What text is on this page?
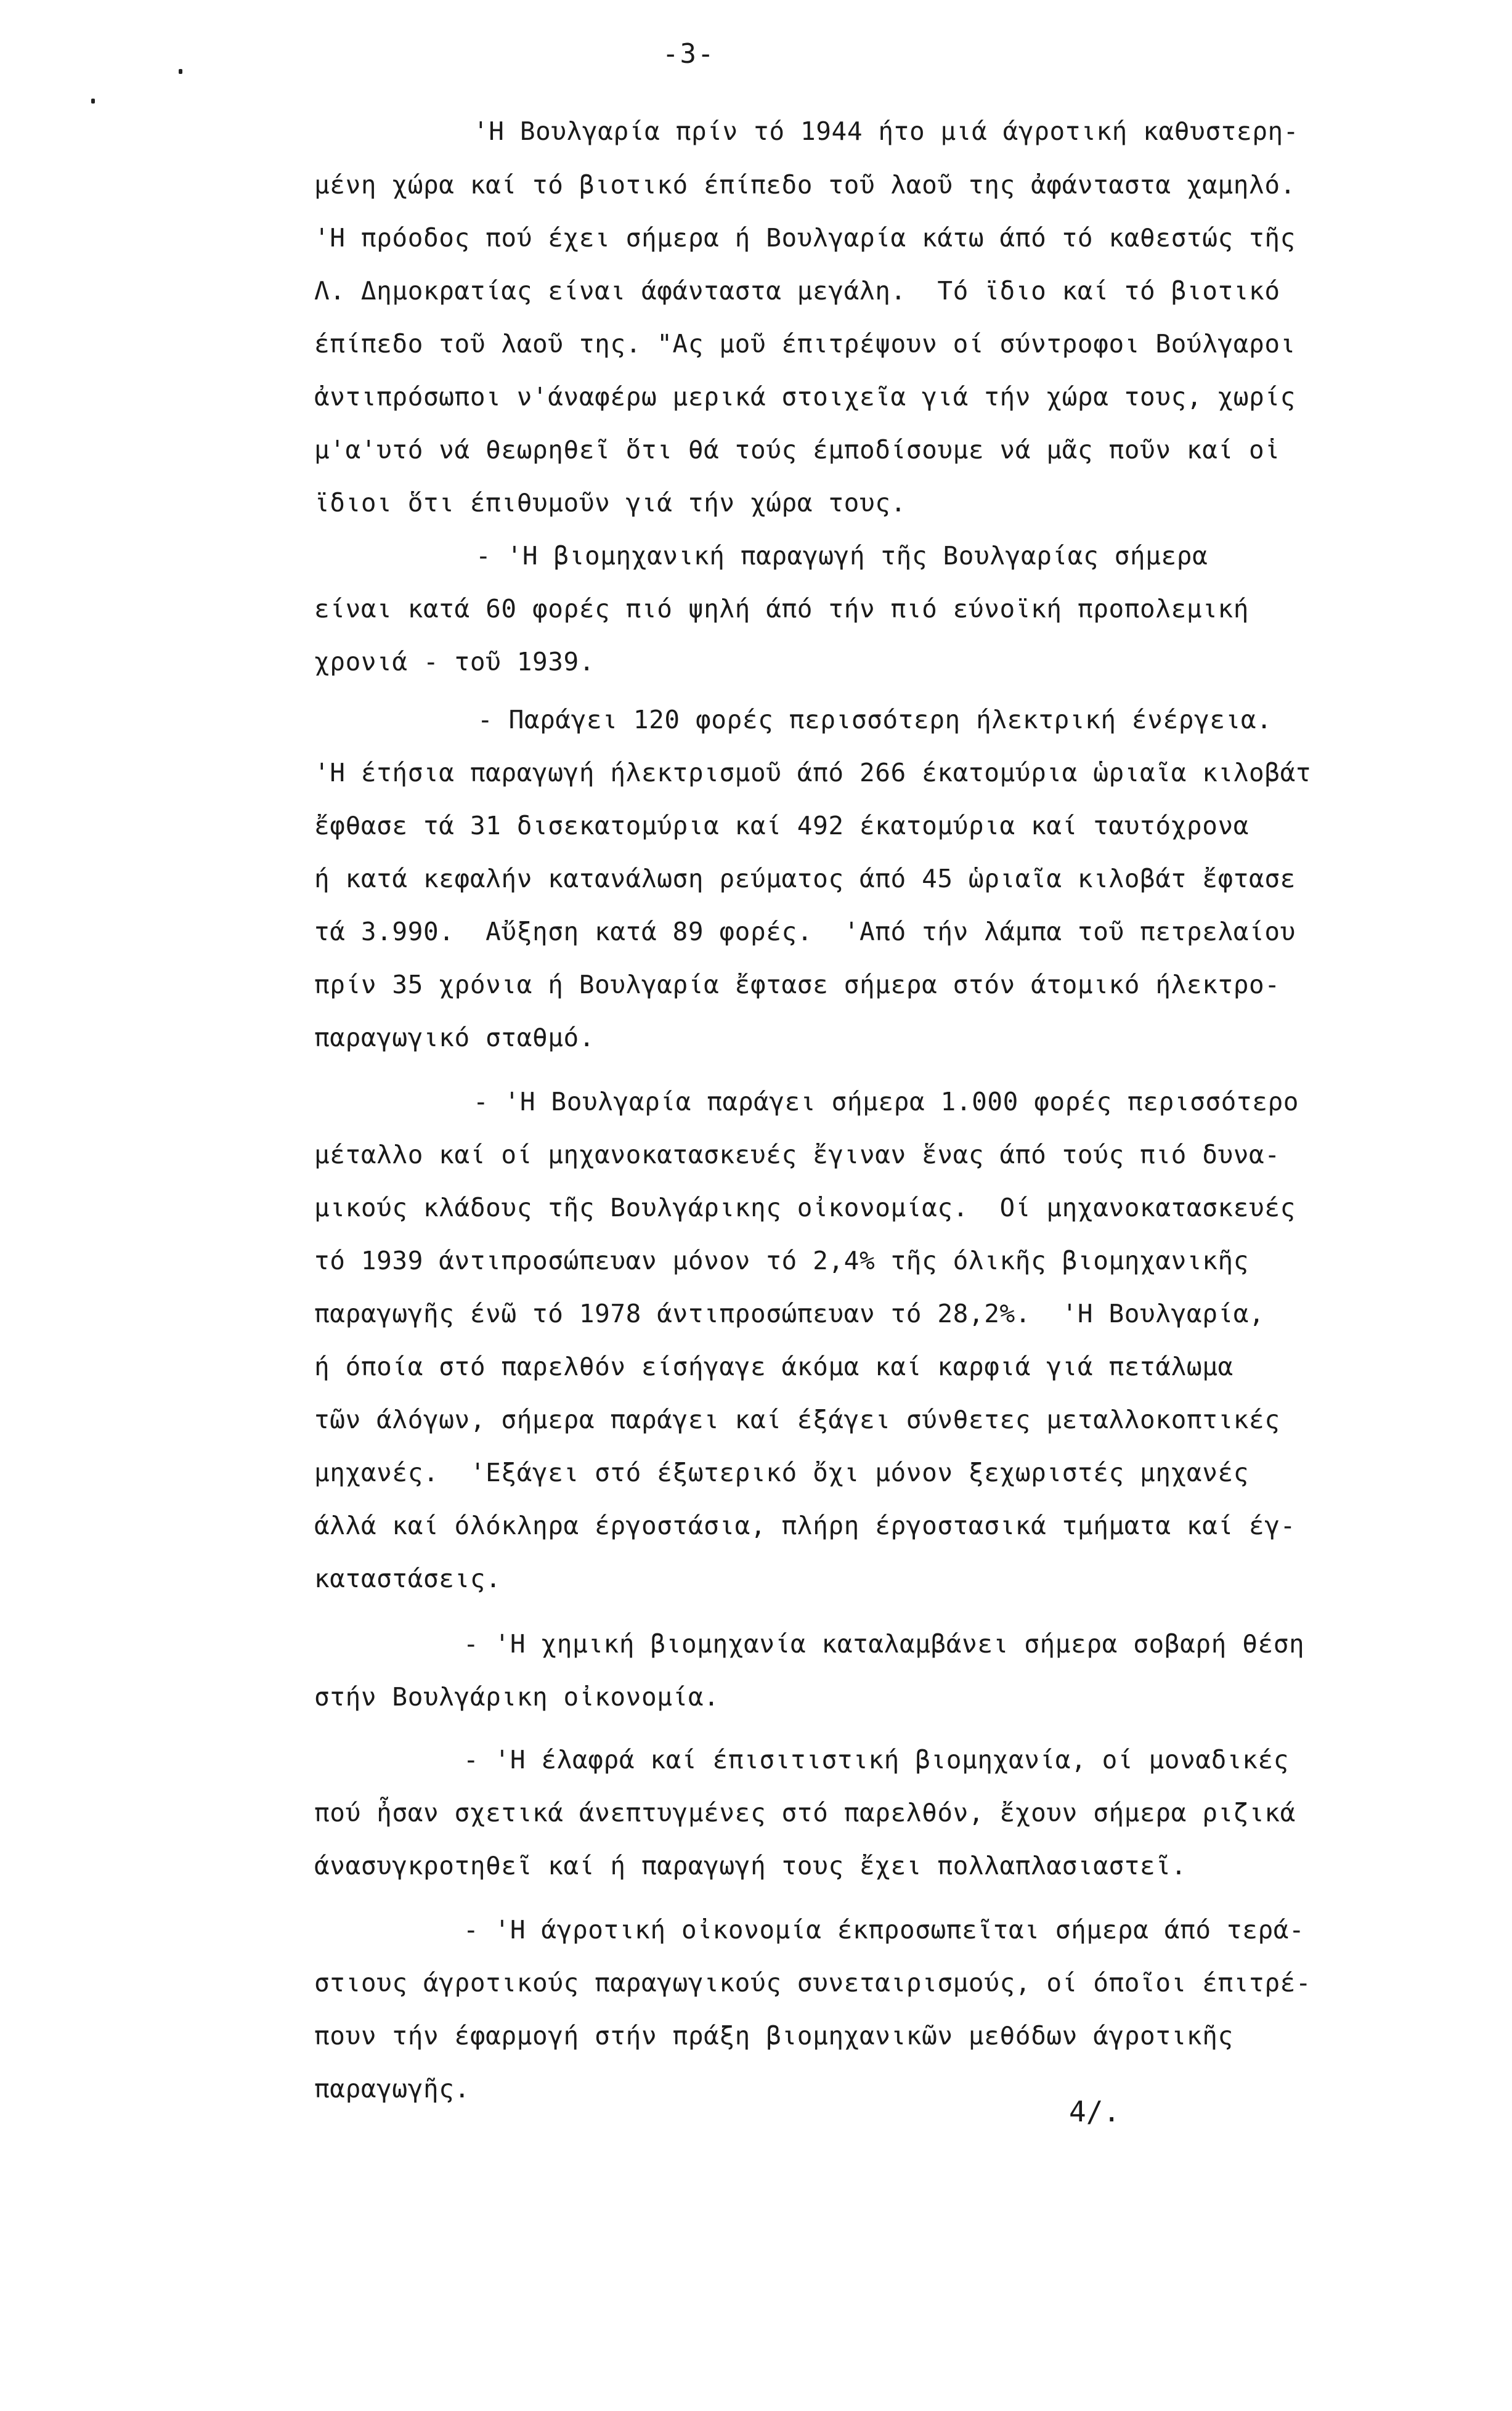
-3-
'Η Βουλγαρία πρίν τό 1944 ήτο μιά άγροτική καθυστερη-
μένη χώρα καί τό βιοτικό έπίπεδο τοῦ λαοῦ της ἀφάνταστα χαμηλό.
'Η πρόοδος πού έχει σήμερα ή Βουλγαρία κάτω άπό τό καθεστώς τῆς
Λ. Δημοκρατίας είναι άφάνταστα μεγάλη.  Τό ϊδιο καί τό βιοτικό
έπίπεδο τοῦ λαοῦ της. "Ας μοῦ έπιτρέψουν οί σύντροφοι Βούλγαροι
ἀντιπρόσωποι ν'άναφέρω μερικά στοιχεῖα γιά τήν χώρα τους, χωρίς
μ'α'υτό νά θεωρηθεῖ ὅτι θά τούς έμποδίσουμε νά μᾶς ποῦν καί οἱ
ϊδιοι ὅτι έπιθυμοῦν γιά τήν χώρα τους.
- 'Η βιομηχανική παραγωγή τῆς Βουλγαρίας σήμερα
είναι κατά 60 φορές πιό ψηλή άπό τήν πιό εύνοϊκή προπολεμική
χρονιά - τοῦ 1939.
- Παράγει 120 φορές περισσότερη ήλεκτρική ένέργεια.
'Η έτήσια παραγωγή ήλεκτρισμοῦ άπό 266 έκατομύρια ὡριαῖα κιλοβάτ
ἔφθασε τά 31 δισεκατομύρια καί 492 έκατομύρια καί ταυτόχρονα
ή κατά κεφαλήν κατανάλωση ρεύματος άπό 45 ὡριαῖα κιλοβάτ ἔφτασε
τά 3.990.  Αὔξηση κατά 89 φορές.  'Από τήν λάμπα τοῦ πετρελαίου
πρίν 35 χρόνια ή Βουλγαρία ἔφτασε σήμερα στόν άτομικό ήλεκτρο-
παραγωγικό σταθμό.
- 'Η Βουλγαρία παράγει σήμερα 1.000 φορές περισσότερο
μέταλλο καί οί μηχανοκατασκευές ἔγιναν ἕνας άπό τούς πιό δυνα-
μικούς κλάδους τῆς Βουλγάρικης οἰκονομίας.  Οί μηχανοκατασκευές
τό 1939 άντιπροσώπευαν μόνον τό 2,4% τῆς όλικῆς βιομηχανικῆς
παραγωγῆς ένῶ τό 1978 άντιπροσώπευαν τό 28,2%.  'Η Βουλγαρία,
ή όποία στό παρελθόν είσήγαγε άκόμα καί καρφιά γιά πετάλωμα
τῶν άλόγων, σήμερα παράγει καί έξάγει σύνθετες μεταλλοκοπτικές
μηχανές.  'Εξάγει στό έξωτερικό ὄχι μόνον ξεχωριστές μηχανές
άλλά καί όλόκληρα έργοστάσια, πλήρη έργοστασικά τμήματα καί έγ-
καταστάσεις.
- 'Η χημική βιομηχανία καταλαμβάνει σήμερα σοβαρή θέση
στήν Βουλγάρικη οἰκονομία.
- 'Η έλαφρά καί έπισιτιστική βιομηχανία, οί μοναδικές
πού ἦσαν σχετικά άνεπτυγμένες στό παρελθόν, ἔχουν σήμερα ριζικά
άνασυγκροτηθεῖ καί ή παραγωγή τους ἔχει πολλαπλασιαστεῖ.
- 'Η άγροτική οἰκονομία έκπροσωπεῖται σήμερα άπό τερά-
στιους άγροτικούς παραγωγικούς συνεταιρισμούς, οί όποῖοι έπιτρέ-
πουν τήν έφαρμογή στήν πράξη βιομηχανικῶν μεθόδων άγροτικῆς
παραγωγῆς.
4/.
